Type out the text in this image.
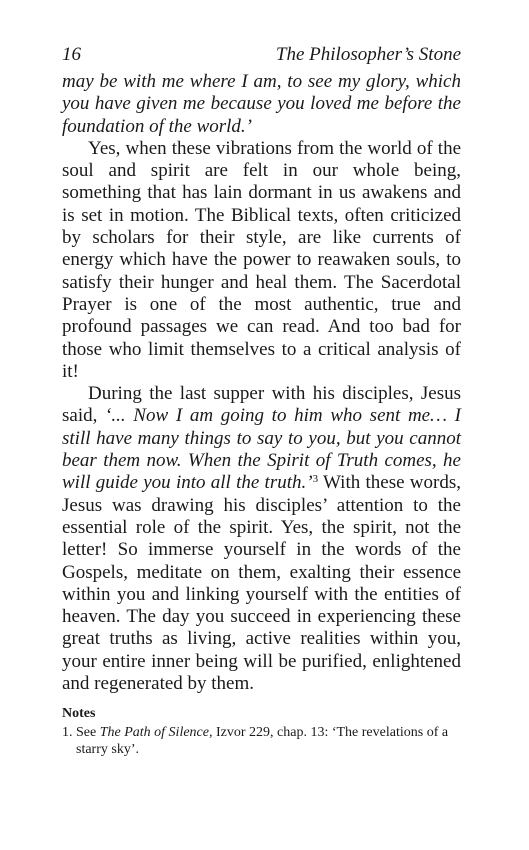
16	The Philosopher’s Stone

may be with me where I am, to see my glory, which you have given me because you loved me before the foundation of the world.’

Yes, when these vibrations from the world of the soul and spirit are felt in our whole being, something that has lain dormant in us awakens and is set in motion. The Biblical texts, often criticized by scholars for their style, are like currents of energy which have the power to reawaken souls, to satisfy their hunger and heal them. The Sacerdotal Prayer is one of the most authentic, true and profound passages we can read. And too bad for those who limit themselves to a critical analysis of it!

During the last supper with his disciples, Jesus said, ‘... Now I am going to him who sent me… I still have many things to say to you, but you cannot bear them now. When the Spirit of Truth comes, he will guide you into all the truth.’$^3$ With these words, Jesus was drawing his disciples’ attention to the essential role of the spirit. Yes, the spirit, not the letter! So immerse yourself in the words of the Gospels, meditate on them, exalting their essence within you and linking yourself with the entities of heaven. The day you succeed in experiencing these great truths as living, active realities within you, your entire inner being will be purified, enlightened and regenerated by them.

Notes
1. See The Path of Silence, Izvor 229, chap. 13: ‘The revelations of a starry sky’.
